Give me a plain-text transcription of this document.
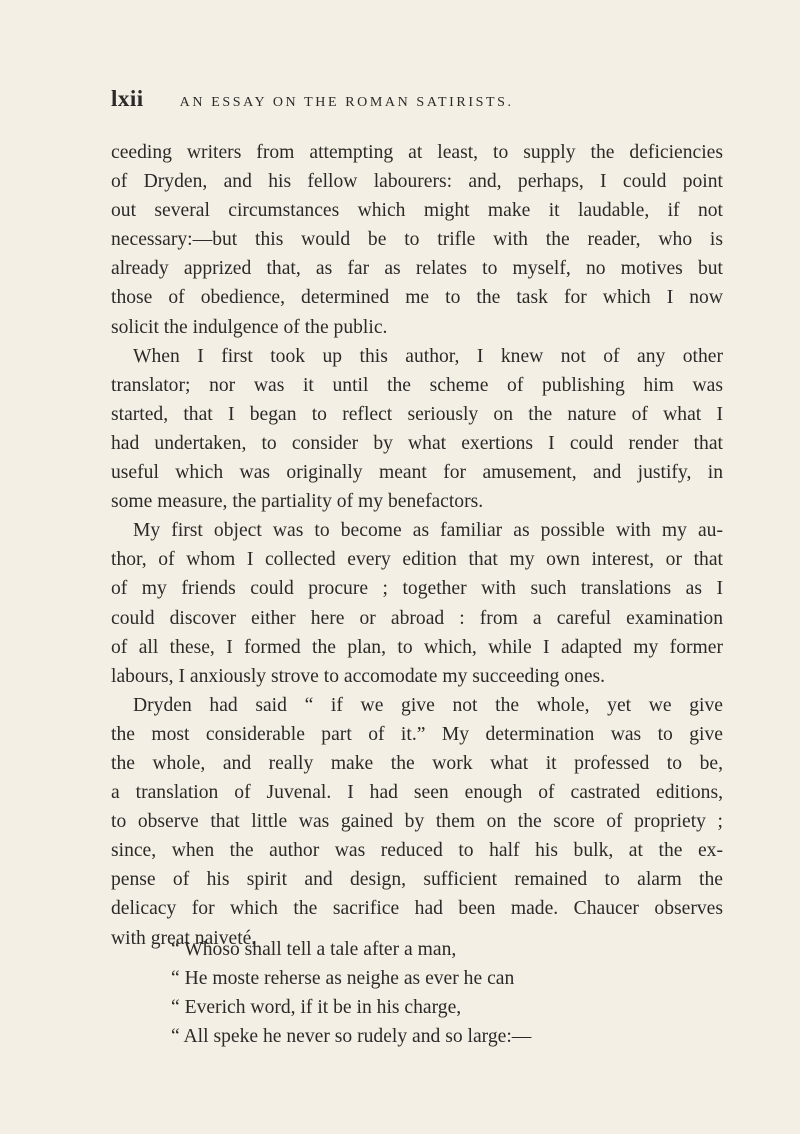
lxii	AN ESSAY ON THE ROMAN SATIRISTS.

ceeding writers from attempting at least, to supply the deficiencies

of Dryden, and his fellow labourers: and, perhaps, I could point

out several circumstances which might make it laudable, if not

necessary:—but this would be to trifle with the reader, who is

already apprized that, as far as relates to myself, no motives but

those of obedience, determined me to the task for which I now

solicit the indulgence of the public.

When I first took up this author, I knew not of any other

translator; nor was it until the scheme of publishing him was

started, that I began to reflect seriously on the nature of what I

had undertaken, to consider by what exertions I could render that

useful which was originally meant for amusement, and justify, in

some measure, the partiality of my benefactors.

My first object was to become as familiar as possible with my au-

thor, of whom I collected every edition that my own interest, or that

of my friends could procure ; together with such translations as I

could discover either here or abroad : from a careful examination

of all these, I formed the plan, to which, while I adapted my former

labours, I anxiously strove to accomodate my succeeding ones.

Dryden had said “ if we give not the whole, yet we give

the most considerable part of it.” My determination was to give

the whole, and really make the work what it professed to be,

a translation of Juvenal. I had seen enough of castrated editions,

to observe that little was gained by them on the score of propriety ;

since, when the author was reduced to half his bulk, at the ex-

pense of his spirit and design, sufficient remained to alarm the

delicacy for which the sacrifice had been made. Chaucer observes

with great naiveté,

“ Whoso shall tell a tale after a man,
“ He moste reherse as neighe as ever he can
“ Everich word, if it be in his charge,
“ All speke he never so rudely and so large:—
